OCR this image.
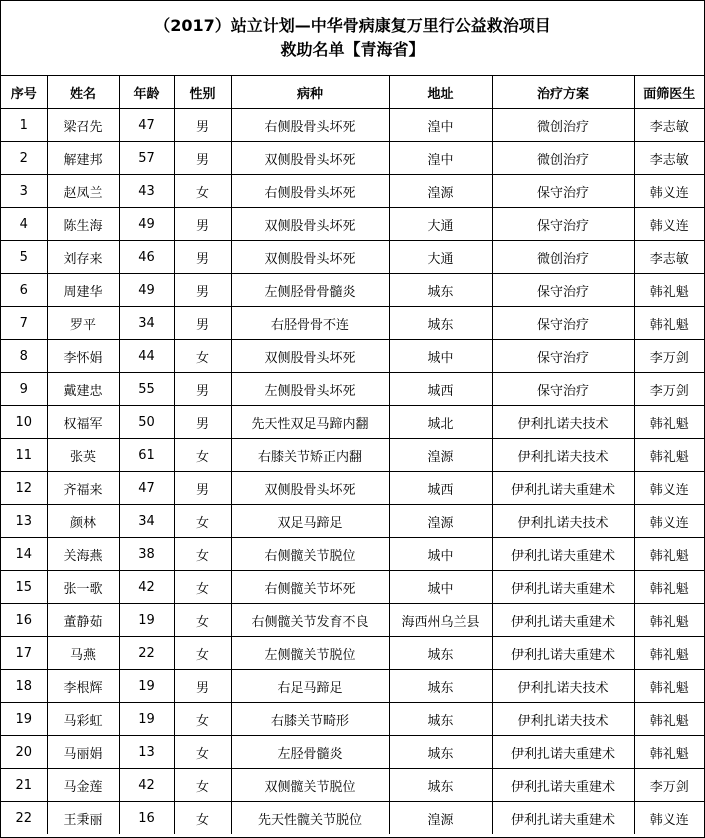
（2017）站立计划—中华骨病康复万里行公益救治项目
救助名单【青海省】
序号	姓名	年龄	性别	病种	地址	治疗方案	面筛医生
1	梁召先	47	男	右侧股骨头坏死	湟中	微创治疗	李志敏
2	解建邦	57	男	双侧股骨头坏死	湟中	微创治疗	李志敏
3	赵凤兰	43	女	右侧股骨头坏死	湟源	保守治疗	韩义连
4	陈生海	49	男	双侧股骨头坏死	大通	保守治疗	韩义连
5	刘存来	46	男	双侧股骨头坏死	大通	微创治疗	李志敏
6	周建华	49	男	左侧胫骨骨髓炎	城东	保守治疗	韩礼魁
7	罗平	34	男	右胫骨骨不连	城东	保守治疗	韩礼魁
8	李怀娟	44	女	双侧股骨头坏死	城中	保守治疗	李万剑
9	戴建忠	55	男	左侧股骨头坏死	城西	保守治疗	李万剑
10	权福军	50	男	先天性双足马蹄内翻	城北	伊利扎诺夫技术	韩礼魁
11	张英	61	女	右膝关节矫正内翻	湟源	伊利扎诺夫技术	韩礼魁
12	齐福来	47	男	双侧股骨头坏死	城西	伊利扎诺夫重建术	韩义连
13	颜林	34	女	双足马蹄足	湟源	伊利扎诺夫技术	韩义连
14	关海燕	38	女	右侧髋关节脱位	城中	伊利扎诺夫重建术	韩礼魁
15	张一歌	42	女	右侧髋关节坏死	城中	伊利扎诺夫重建术	韩礼魁
16	董静茹	19	女	右侧髋关节发育不良	海西州乌兰县	伊利扎诺夫重建术	韩礼魁
17	马燕	22	女	左侧髋关节脱位	城东	伊利扎诺夫重建术	韩礼魁
18	李根辉	19	男	右足马蹄足	城东	伊利扎诺夫技术	韩礼魁
19	马彩虹	19	女	右膝关节畸形	城东	伊利扎诺夫技术	韩礼魁
20	马丽娟	13	女	左胫骨髓炎	城东	伊利扎诺夫重建术	韩礼魁
21	马金莲	42	女	双侧髋关节脱位	城东	伊利扎诺夫重建术	李万剑
22	王秉丽	16	女	先天性髋关节脱位	湟源	伊利扎诺夫重建术	韩义连
